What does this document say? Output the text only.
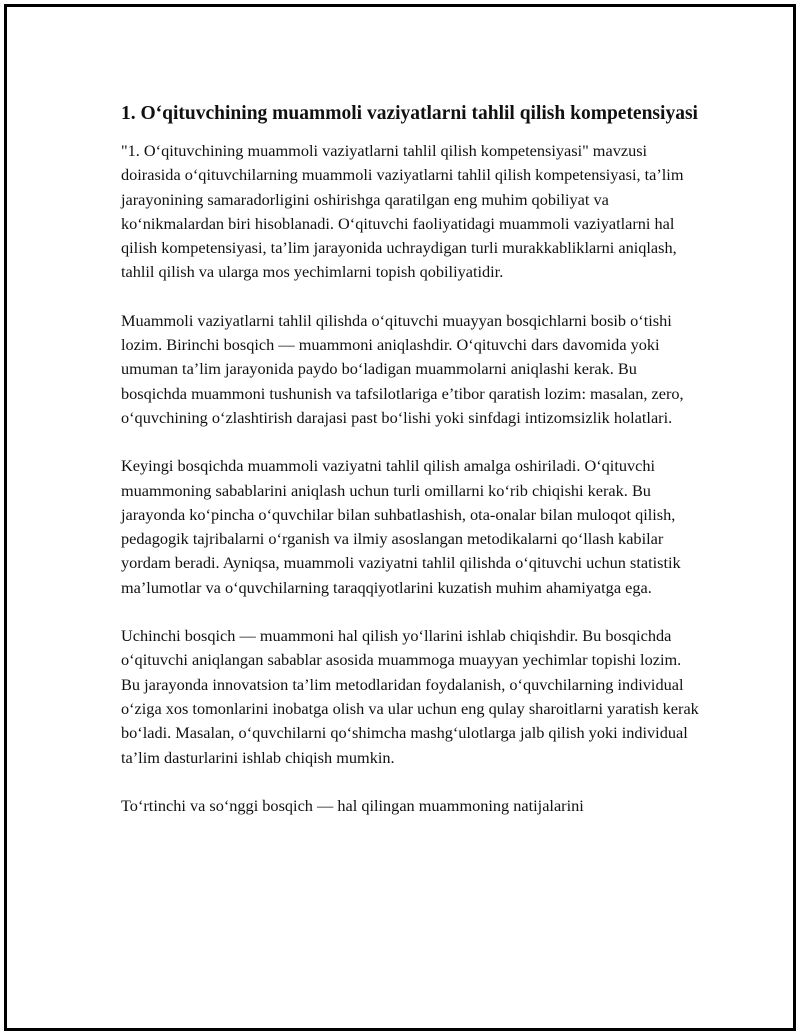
1. O‘qituvchining muammoli vaziyatlarni tahlil qilish kompetensiyasi

"1. O‘qituvchining muammoli vaziyatlarni tahlil qilish kompetensiyasi" mavzusi doirasida o‘qituvchilarning muammoli vaziyatlarni tahlil qilish kompetensiyasi, ta’lim jarayonining samaradorligini oshirishga qaratilgan eng muhim qobiliyat va ko‘nikmalardan biri hisoblanadi. O‘qituvchi faoliyatidagi muammoli vaziyatlarni hal qilish kompetensiyasi, ta’lim jarayonida uchraydigan turli murakkabliklarni aniqlash, tahlil qilish va ularga mos yechimlarni topish qobiliyatidir.

Muammoli vaziyatlarni tahlil qilishda o‘qituvchi muayyan bosqichlarni bosib o‘tishi lozim. Birinchi bosqich — muammoni aniqlashdir. O‘qituvchi dars davomida yoki umuman ta’lim jarayonida paydo bo‘ladigan muammolarni aniqlashi kerak. Bu bosqichda muammoni tushunish va tafsilotlariga e’tibor qaratish lozim: masalan, zero, o‘quvchining o‘zlashtirish darajasi past bo‘lishi yoki sinfdagi intizomsizlik holatlari.

Keyingi bosqichda muammoli vaziyatni tahlil qilish amalga oshiriladi. O‘qituvchi muammoning sabablarini aniqlash uchun turli omillarni ko‘rib chiqishi kerak. Bu jarayonda ko‘pincha o‘quvchilar bilan suhbatlashish, ota-onalar bilan muloqot qilish, pedagogik tajribalarni o‘rganish va ilmiy asoslangan metodikalarni qo‘llash kabilar yordam beradi. Ayniqsa, muammoli vaziyatni tahlil qilishda o‘qituvchi uchun statistik ma’lumotlar va o‘quvchilarning taraqqiyotlarini kuzatish muhim ahamiyatga ega.

Uchinchi bosqich — muammoni hal qilish yo‘llarini ishlab chiqishdir. Bu bosqichda o‘qituvchi aniqlangan sabablar asosida muammoga muayyan yechimlar topishi lozim. Bu jarayonda innovatsion ta’lim metodlaridan foydalanish, o‘quvchilarning individual o‘ziga xos tomonlarini inobatga olish va ular uchun eng qulay sharoitlarni yaratish kerak bo‘ladi. Masalan, o‘quvchilarni qo‘shimcha mashg‘ulotlarga jalb qilish yoki individual ta’lim dasturlarini ishlab chiqish mumkin.

To‘rtinchi va so‘nggi bosqich — hal qilingan muammoning natijalarini
